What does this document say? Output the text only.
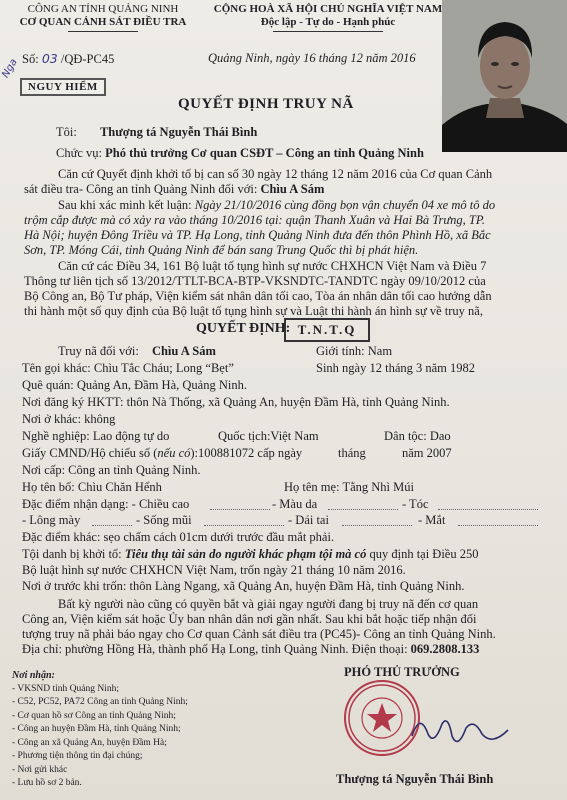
CÔNG AN TỈNH QUẢNG NINH
CƠ QUAN CẢNH SÁT ĐIỀU TRA
CỘNG HOÀ XÃ HỘI CHỦ NGHĨA VIỆT NAM
Độc lập - Tự do - Hạnh phúc
Số: 03 /QĐ-PC45
Nga	Quảng Ninh, ngày 16 tháng 12 năm 2016
NGUY HIỂM
QUYẾT ĐỊNH TRUY NÃ
Tôi: Thượng tá Nguyễn Thái Bình
Chức vụ: Phó thủ trưởng Cơ quan CSĐT – Công an tỉnh Quảng Ninh
Căn cứ Quyết định khởi tố bị can số 30 ngày 12 tháng 12 năm 2016 của Cơ quan Cảnh
sát điều tra- Công an tỉnh Quảng Ninh đối với: Chìu A Sám
Sau khi xác minh kết luận: Ngày 21/10/2016 cùng đồng bọn vận chuyển 04 xe mô tô do
trộm cắp được mà có xảy ra vào tháng 10/2016 tại: quận Thanh Xuân và Hai Bà Trưng, TP.
Hà Nội; huyện Đông Triều và TP. Hạ Long, tỉnh Quảng Ninh đưa đến thôn Phình Hồ, xã Bắc
Sơn, TP. Móng Cái, tỉnh Quảng Ninh để bán sang Trung Quốc thì bị phát hiện.
Căn cứ các Điều 34, 161 Bộ luật tố tụng hình sự nước CHXHCN Việt Nam và Điều 7
Thông tư liên tịch số 13/2012/TTLT-BCA-BTP-VKSNDTC-TANDTC ngày 09/10/2012 của
Bộ Công an, Bộ Tư pháp, Viện kiểm sát nhân dân tối cao, Tòa án nhân dân tối cao hướng dẫn
thi hành một số quy định của Bộ luật tố tụng hình sự và Luật thi hành án hình sự về truy nã,
QUYẾT ĐỊNH: T.N.T.Q
Truy nã đối với: Chìu A Sám	Giới tính: Nam
Tên gọi khác: Chìu Tắc Cháu; Long “Bẹt”	Sinh ngày 12 tháng 3 năm 1982
Quê quán: Quảng An, Đầm Hà, Quảng Ninh.
Nơi đăng ký HKTT: thôn Nà Thống, xã Quảng An, huyện Đầm Hà, tỉnh Quảng Ninh.
Nơi ở khác: không
Nghề nghiệp: Lao động tự do	Quốc tịch:Việt Nam	Dân tộc: Dao
Giấy CMND/Hộ chiếu số (nếu có):100881072 cấp ngày	tháng	năm 2007
Nơi cấp: Công an tỉnh Quảng Ninh.
Họ tên bố: Chìu Chăn Hểnh	Họ tên mẹ: Tằng Nhì Múi
Đặc điểm nhận dạng: - Chiều cao	- Màu da	- Tóc
- Lông mày	- Sống mũi	- Dái tai	- Mắt
Đặc điểm khác: sẹo chấm cách 01cm dưới trước đầu mắt phải.
Tội danh bị khởi tố: Tiêu thụ tài sản do người khác phạm tội mà có quy định tại Điều 250
Bộ luật hình sự nước CHXHCN Việt Nam, trốn ngày 21 tháng 10 năm 2016.
Nơi ở trước khi trốn: thôn Làng Ngang, xã Quảng An, huyện Đầm Hà, tỉnh Quảng Ninh.
Bất kỳ người nào cũng có quyền bắt và giải ngay người đang bị truy nã đến cơ quan
Công an, Viện kiểm sát hoặc Ủy ban nhân dân nơi gần nhất. Sau khi bắt hoặc tiếp nhận đối
tượng truy nã phải báo ngay cho Cơ quan Cảnh sát điều tra (PC45)- Công an tỉnh Quảng Ninh.
Địa chỉ: phường Hồng Hà, thành phố Hạ Long, tỉnh Quảng Ninh. Điện thoại: 069.2808.133
Nơi nhận:
- VKSND tỉnh Quảng Ninh;
- C52, PC52, PA72 Công an tỉnh Quảng Ninh;
- Cơ quan hồ sơ Công an tỉnh Quảng Ninh;
- Công an huyện Đầm Hà, tỉnh Quảng Ninh;
- Công an xã Quảng An, huyện Đầm Hà;
- Phương tiện thông tin đại chúng;
- Nơi gửi khác
- Lưu hồ sơ 2 bản.
PHÓ THỦ TRƯỞNG
Thượng tá Nguyễn Thái Bình
